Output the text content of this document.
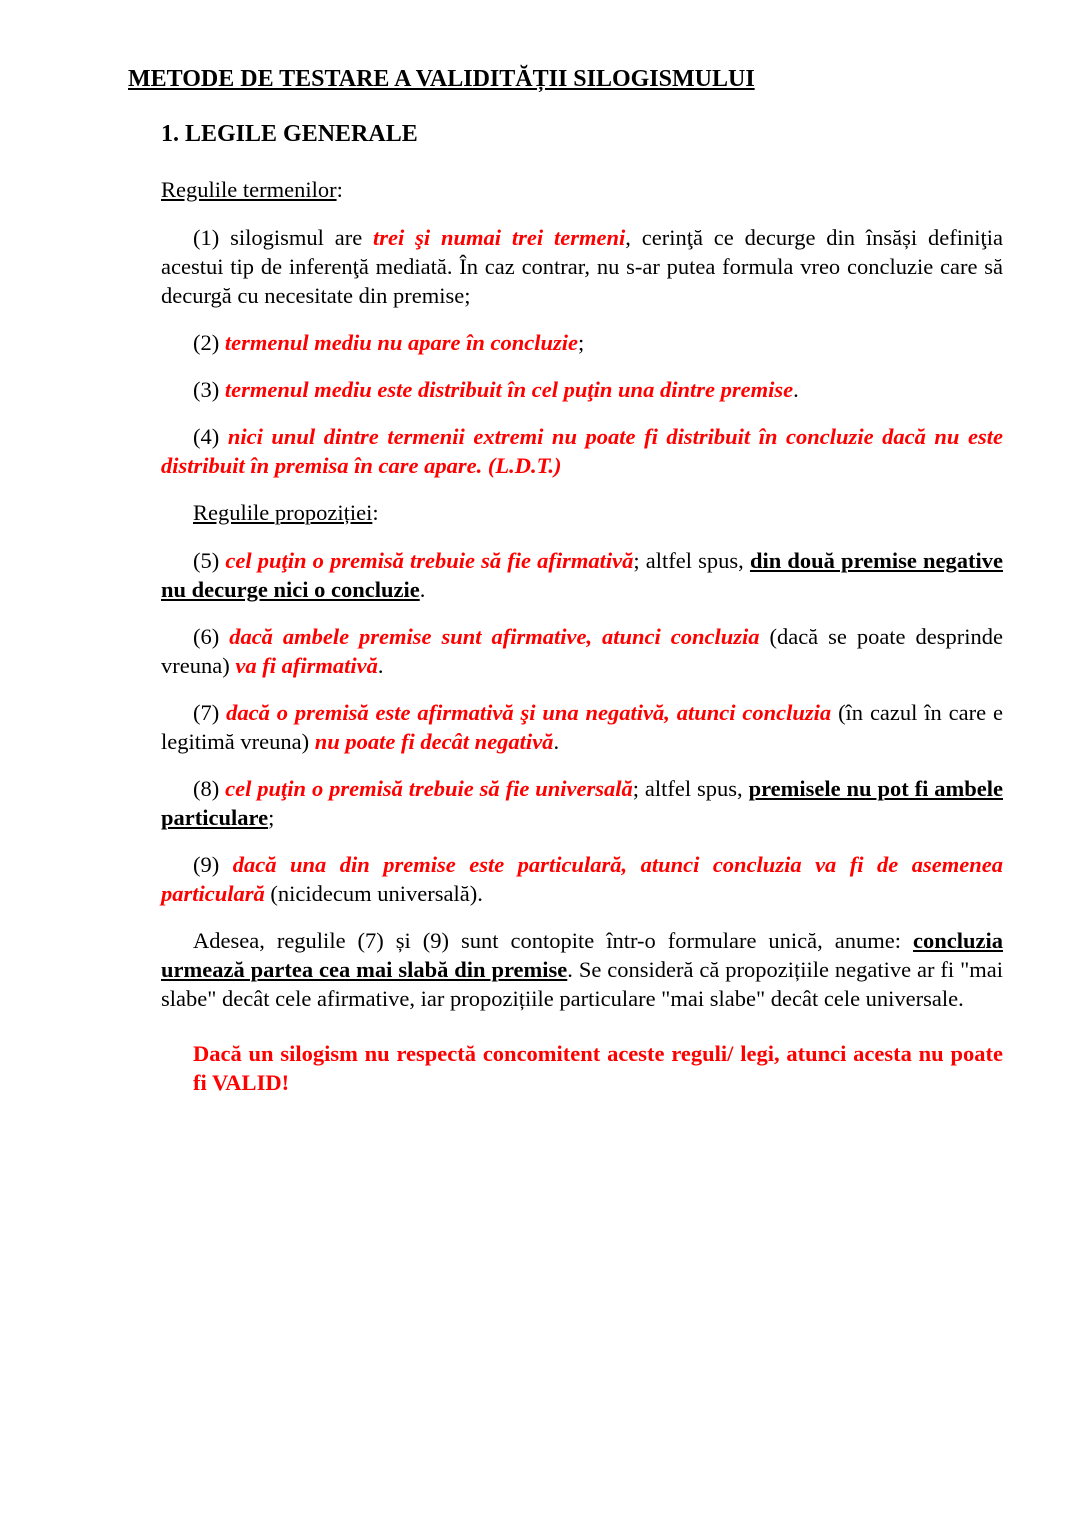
METODE DE TESTARE A VALIDITĂȚII SILOGISMULUI
1. LEGILE GENERALE
Regulile termenilor:
(1) silogismul are trei şi numai trei termeni, cerinţă ce decurge din însăși definiţia acestui tip de inferenţă mediată. În caz contrar, nu s-ar putea formula vreo concluzie care să decurgă cu necesitate din premise;
(2) termenul mediu nu apare în concluzie;
(3) termenul mediu este distribuit în cel puţin una dintre premise.
(4) nici unul dintre termenii extremi nu poate fi distribuit în concluzie dacă nu este distribuit în premisa în care apare. (L.D.T.)
Regulile propoziției:
(5) cel puţin o premisă trebuie să fie afirmativă; altfel spus, din două premise negative nu decurge nici o concluzie.
(6) dacă ambele premise sunt afirmative, atunci concluzia (dacă se poate desprinde vreuna) va fi afirmativă.
(7) dacă o premisă este afirmativă şi una negativă, atunci concluzia (în cazul în care e legitimă vreuna) nu poate fi decât negativă.
(8) cel puţin o premisă trebuie să fie universală; altfel spus, premisele nu pot fi ambele particulare;
(9) dacă una din premise este particulară, atunci concluzia va fi de asemenea particulară (nicidecum universală).
Adesea, regulile (7) și (9) sunt contopite într-o formulare unică, anume: concluzia urmează partea cea mai slabă din premise. Se consideră că propozițiile negative ar fi "mai slabe" decât cele afirmative, iar propozițiile particulare "mai slabe" decât cele universale.
Dacă un silogism nu respectă concomitent aceste reguli/ legi, atunci acesta nu poate fi VALID!
